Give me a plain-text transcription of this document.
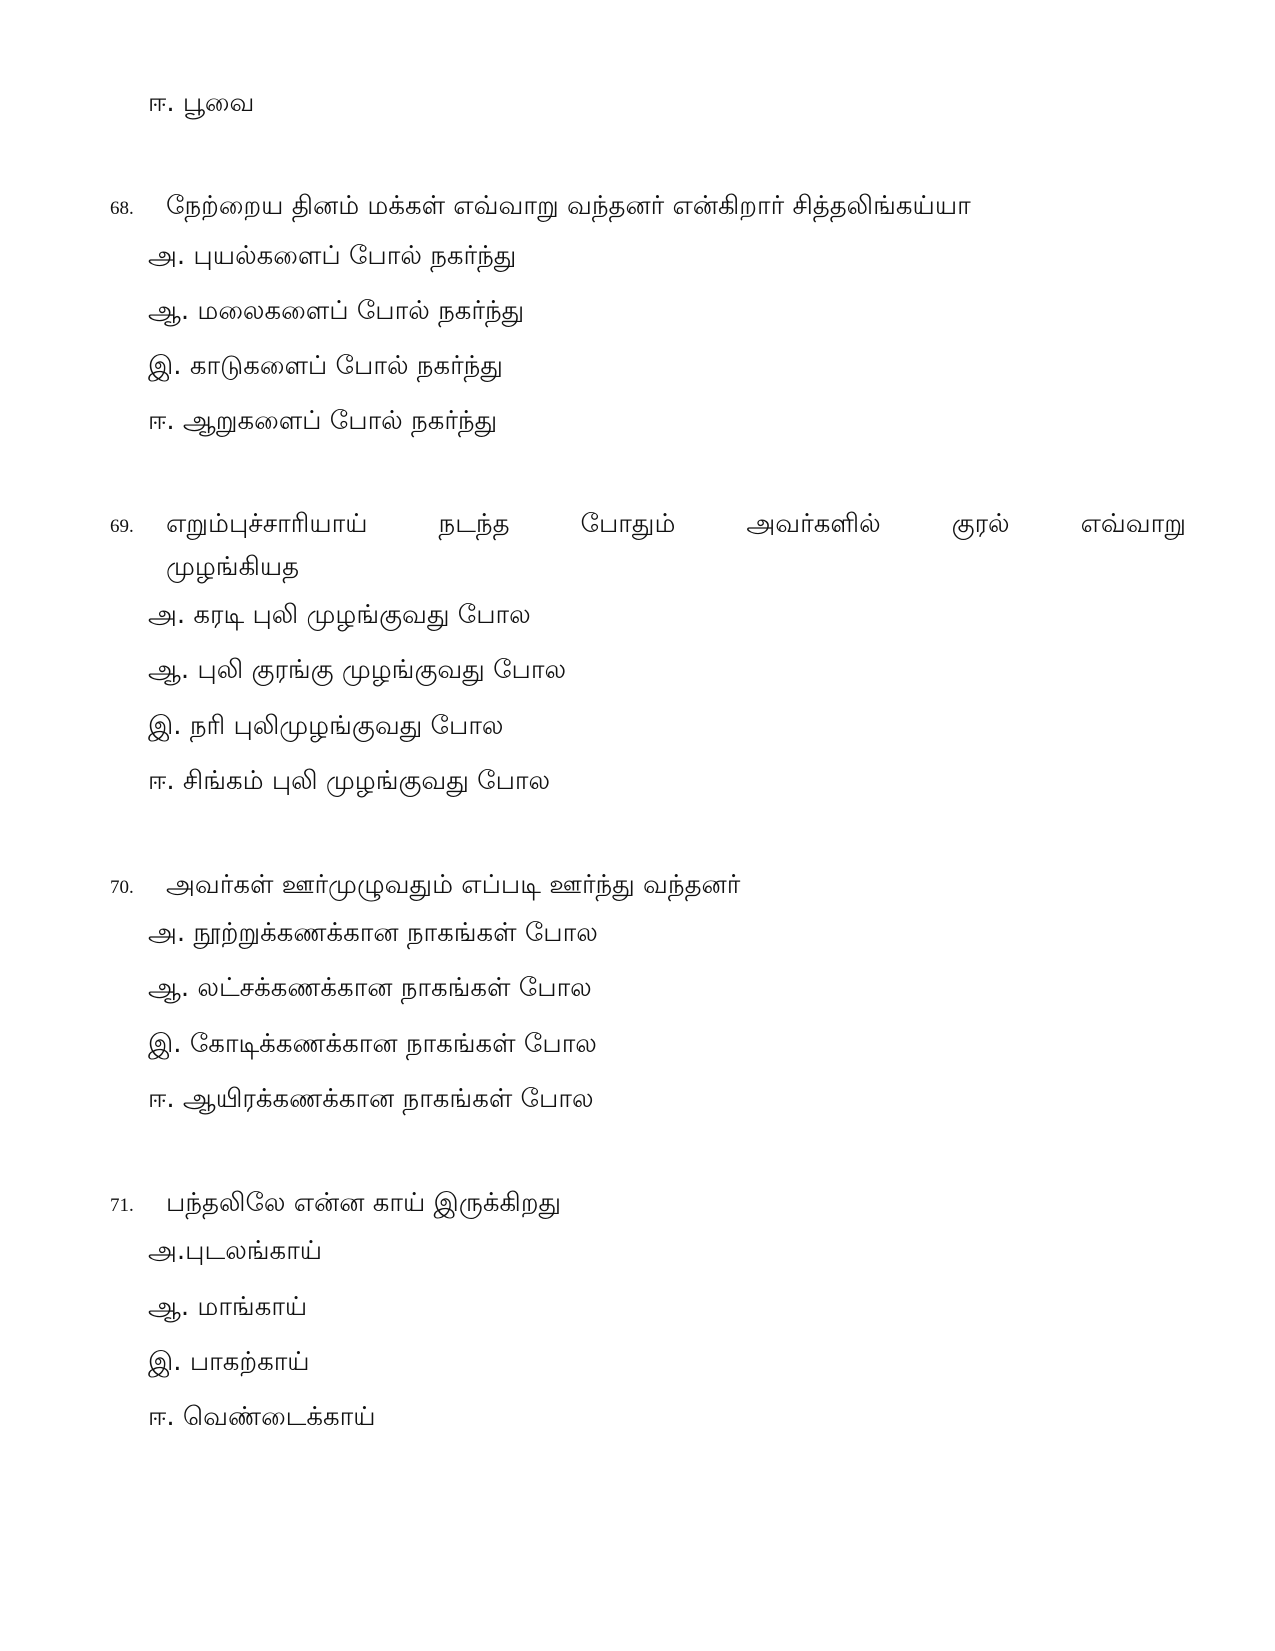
ஈ. பூவை
68. நேற்றைய தினம் மக்கள் எவ்வாறு வந்தனர் என்கிறார் சித்தலிங்கய்யா
அ. புயல்களைப் போல் நகர்ந்து
ஆ. மலைகளைப் போல் நகர்ந்து
இ. காடுகளைப் போல் நகர்ந்து
ஈ. ஆறுகளைப் போல் நகர்ந்து
69. எறும்புச்சாரியாய்	நடந்த	போதும்	அவர்களில்	குரல்	எவ்வாறு
முழங்கியத
அ. கரடி புலி முழங்குவது போல
ஆ. புலி குரங்கு முழங்குவது போல
இ. நரி புலிமுழங்குவது போல
ஈ. சிங்கம் புலி முழங்குவது போல
70. அவர்கள் ஊர்முழுவதும் எப்படி ஊர்ந்து வந்தனர்
அ. நூற்றுக்கணக்கான நாகங்கள் போல
ஆ. லட்சக்கணக்கான நாகங்கள் போல
இ. கோடிக்கணக்கான நாகங்கள் போல
ஈ. ஆயிரக்கணக்கான நாகங்கள் போல
71. பந்தலிலே என்ன காய் இருக்கிறது
அ.புடலங்காய்
ஆ. மாங்காய்
இ. பாகற்காய்
ஈ. வெண்டைக்காய்
